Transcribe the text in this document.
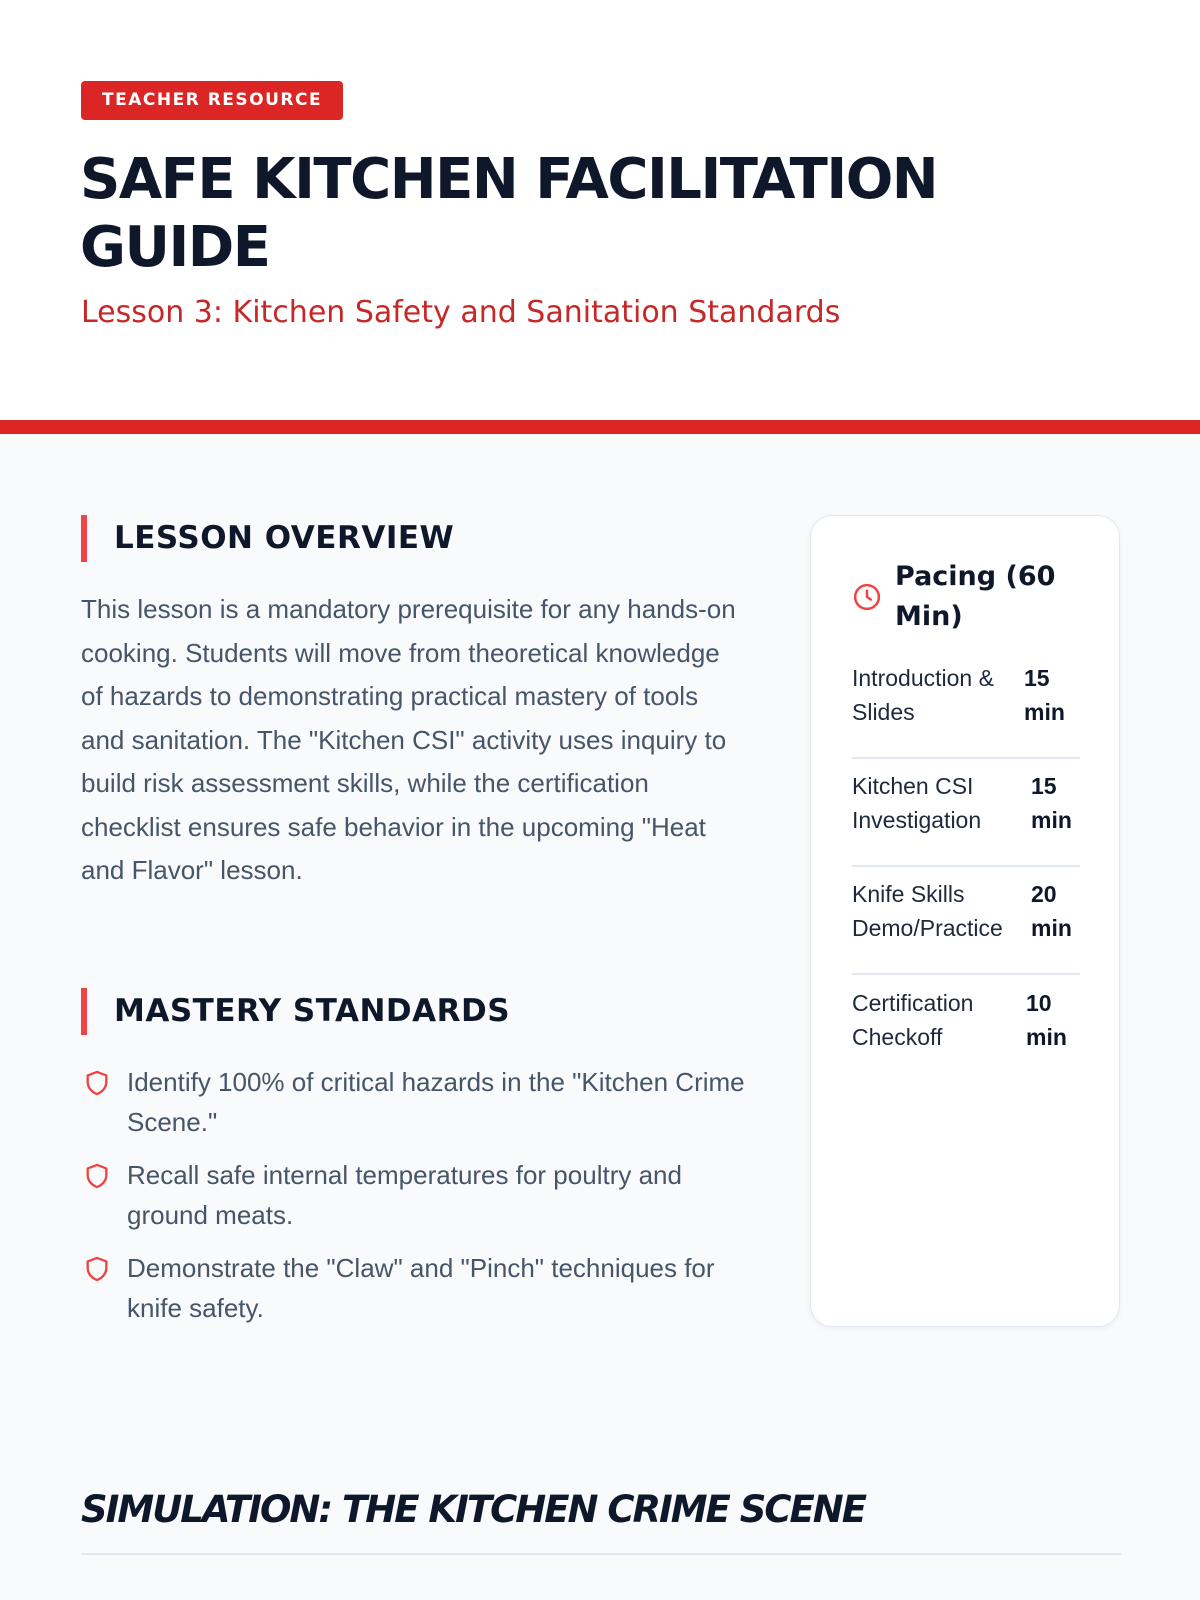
TEACHER RESOURCE
SAFE KITCHEN FACILITATION GUIDE
Lesson 3: Kitchen Safety and Sanitation Standards
LESSON OVERVIEW

This lesson is a mandatory prerequisite for any hands-on cooking. Students will move from theoretical knowledge of hazards to demonstrating practical mastery of tools and sanitation. The "Kitchen CSI" activity uses inquiry to build risk assessment skills, while the certification checklist ensures safe behavior in the upcoming "Heat and Flavor" lesson.

MASTERY STANDARDS
Identify 100% of critical hazards in the "Kitchen Crime Scene."
Recall safe internal temperatures for poultry and ground meats.
Demonstrate the "Claw" and "Pinch" techniques for knife safety.
Pacing (60 Min)
Introduction & Slides
15 min
Kitchen CSI Investigation
15 min
Knife Skills Demo/Practice
20 min
Certification Checkoff
10 min
SIMULATION: THE KITCHEN CRIME SCENE
